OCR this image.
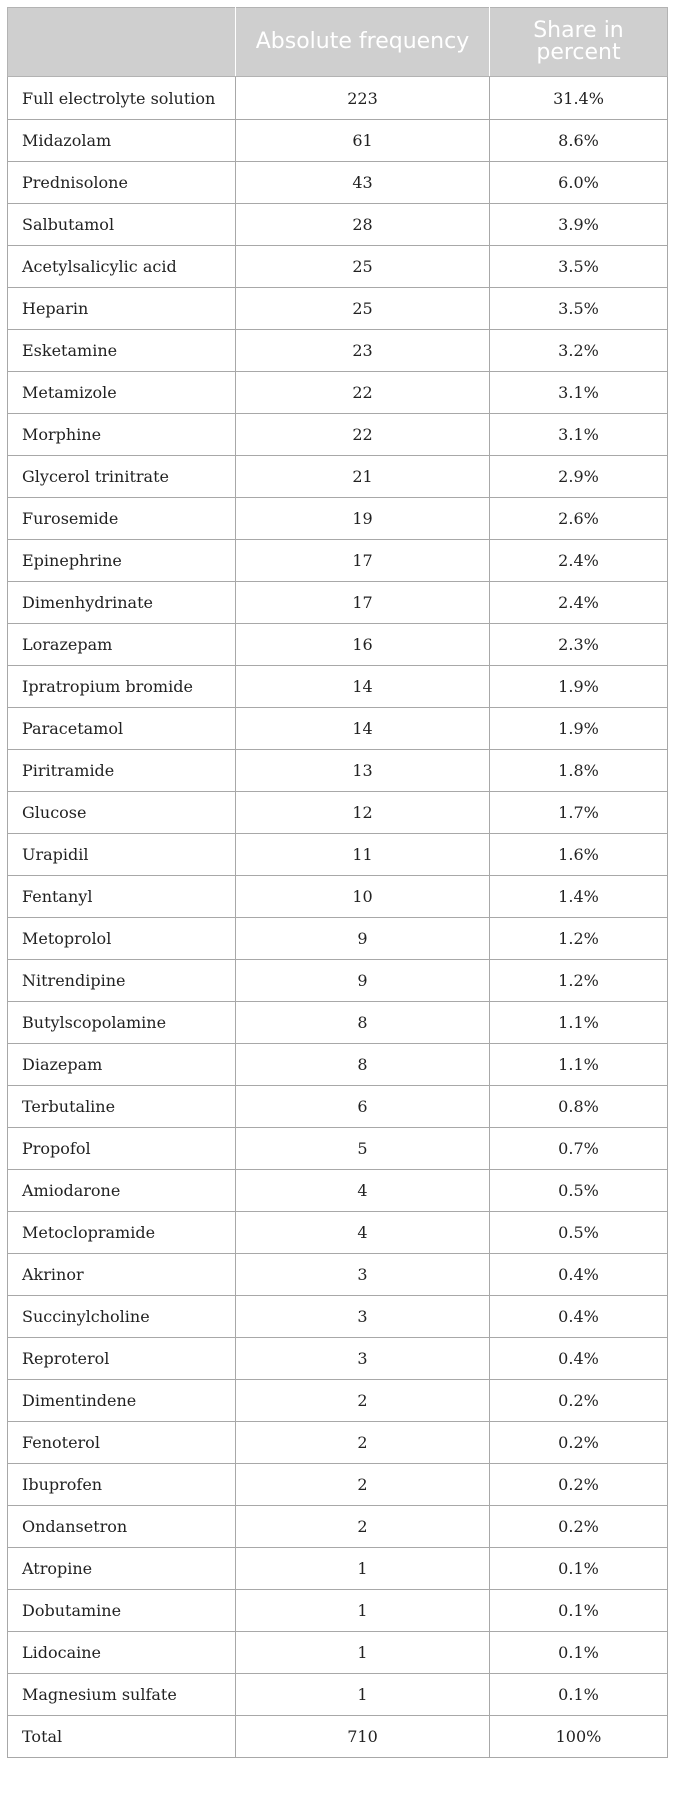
	Absolute frequency	Share in percent
Full electrolyte solution	223	31.4%
Midazolam	61	8.6%
Prednisolone	43	6.0%
Salbutamol	28	3.9%
Acetylsalicylic acid	25	3.5%
Heparin	25	3.5%
Esketamine	23	3.2%
Metamizole	22	3.1%
Morphine	22	3.1%
Glycerol trinitrate	21	2.9%
Furosemide	19	2.6%
Epinephrine	17	2.4%
Dimenhydrinate	17	2.4%
Lorazepam	16	2.3%
Ipratropium bromide	14	1.9%
Paracetamol	14	1.9%
Piritramide	13	1.8%
Glucose	12	1.7%
Urapidil	11	1.6%
Fentanyl	10	1.4%
Metoprolol	9	1.2%
Nitrendipine	9	1.2%
Butylscopolamine	8	1.1%
Diazepam	8	1.1%
Terbutaline	6	0.8%
Propofol	5	0.7%
Amiodarone	4	0.5%
Metoclopramide	4	0.5%
Akrinor	3	0.4%
Succinylcholine	3	0.4%
Reproterol	3	0.4%
Dimentindene	2	0.2%
Fenoterol	2	0.2%
Ibuprofen	2	0.2%
Ondansetron	2	0.2%
Atropine	1	0.1%
Dobutamine	1	0.1%
Lidocaine	1	0.1%
Magnesium sulfate	1	0.1%
Total	710	100%
